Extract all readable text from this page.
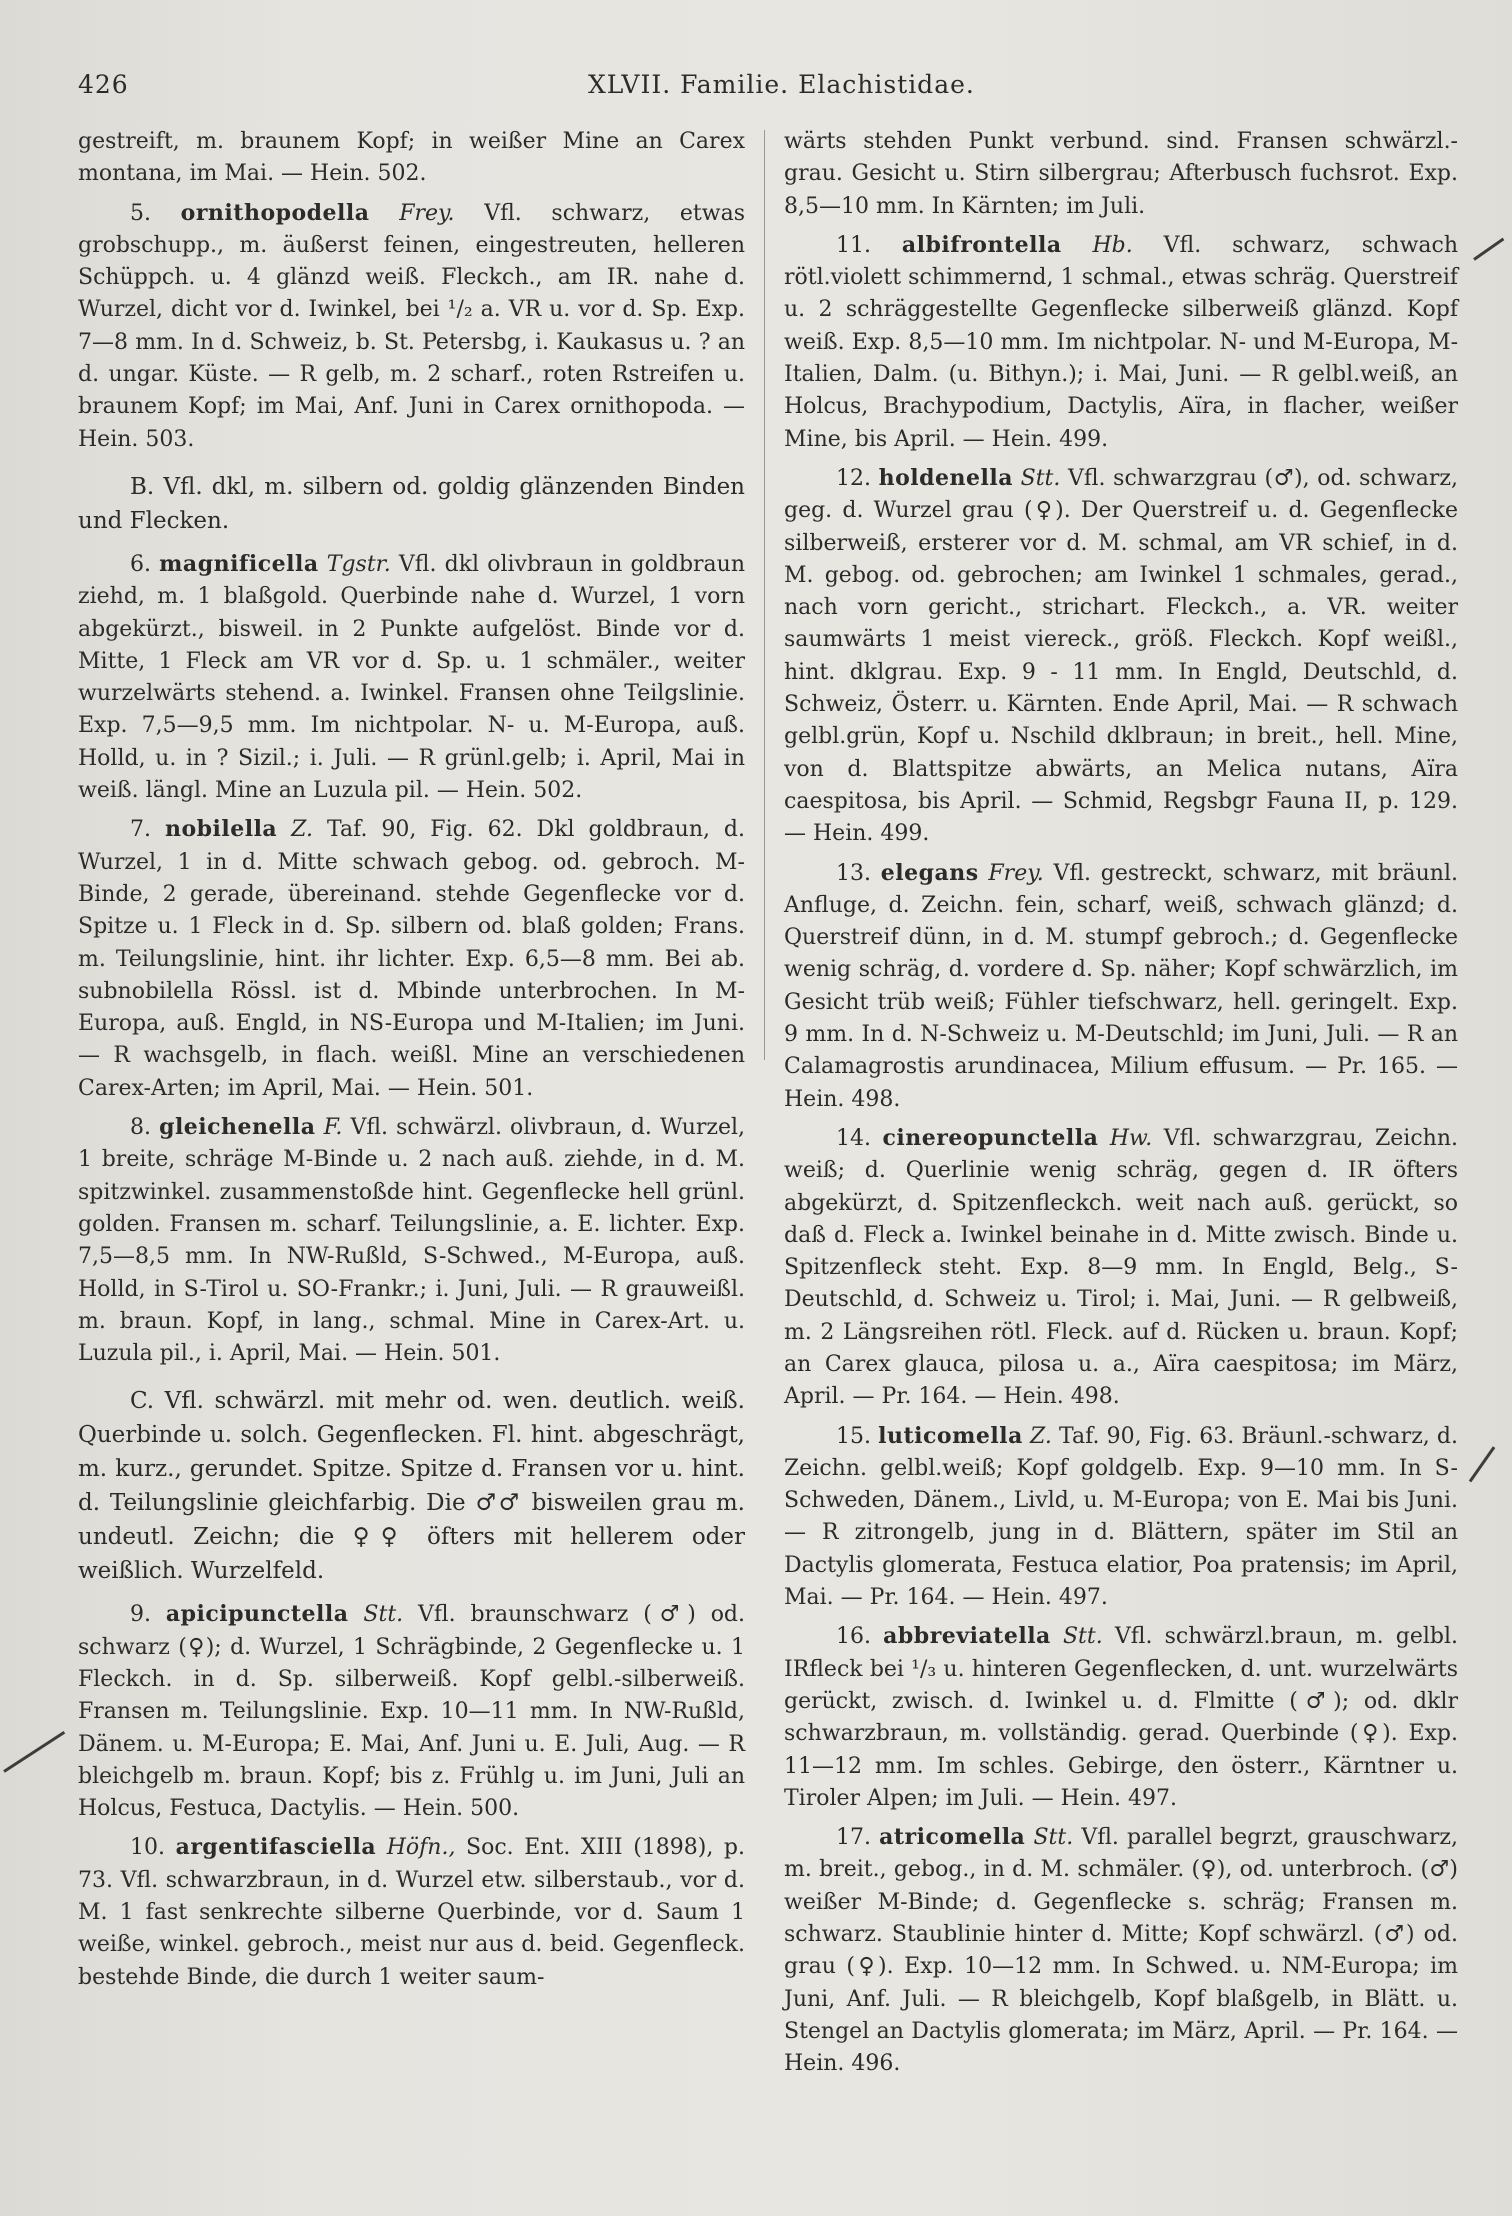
426	XLVII. Familie. Elachistidae.

gestreift, m. braunem Kopf; in weißer Mine an Carex montana, im Mai. — Hein. 502.

5. ornithopodella Frey. Vfl. schwarz, etwas grobschupp., m. äußerst feinen, eingestreuten, helleren Schüppch. u. 4 glänzd weiß. Fleckch., am IR. nahe d. Wurzel, dicht vor d. Iwinkel, bei ¹/₂ a. VR u. vor d. Sp. Exp. 7—8 mm. In d. Schweiz, b. St. Petersbg, i. Kaukasus u. ? an d. ungar. Küste. — R gelb, m. 2 scharf., roten Rstreifen u. braunem Kopf; im Mai, Anf. Juni in Carex ornithopoda. — Hein. 503.

B. Vfl. dkl, m. silbern od. goldig glänzenden Binden und Flecken.

6. magnificella Tgstr. Vfl. dkl olivbraun in goldbraun ziehd, m. 1 blaßgold. Querbinde nahe d. Wurzel, 1 vorn abgekürzt., bisweil. in 2 Punkte aufgelöst. Binde vor d. Mitte, 1 Fleck am VR vor d. Sp. u. 1 schmäler., weiter wurzelwärts stehend. a. Iwinkel. Fransen ohne Teilgslinie. Exp. 7,5—9,5 mm. Im nichtpolar. N- u. M-Europa, auß. Holld, u. in ? Sizil.; i. Juli. — R grünl.gelb; i. April, Mai in weiß. längl. Mine an Luzula pil. — Hein. 502.

7. nobilella Z. Taf. 90, Fig. 62. Dkl goldbraun, d. Wurzel, 1 in d. Mitte schwach gebog. od. gebroch. M-Binde, 2 gerade, übereinand. stehde Gegenflecke vor d. Spitze u. 1 Fleck in d. Sp. silbern od. blaß golden; Frans. m. Teilungslinie, hint. ihr lichter. Exp. 6,5—8 mm. Bei ab. subnobilella Rössl. ist d. Mbinde unterbrochen. In M-Europa, auß. Engld, in NS-Europa und M-Italien; im Juni. — R wachsgelb, in flach. weißl. Mine an verschiedenen Carex-Arten; im April, Mai. — Hein. 501.

8. gleichenella F. Vfl. schwärzl. olivbraun, d. Wurzel, 1 breite, schräge M-Binde u. 2 nach auß. ziehde, in d. M. spitzwinkel. zusammenstoßde hint. Gegenflecke hell grünl. golden. Fransen m. scharf. Teilungslinie, a. E. lichter. Exp. 7,5—8,5 mm. In NW-Rußld, S-Schwed., M-Europa, auß. Holld, in S-Tirol u. SO-Frankr.; i. Juni, Juli. — R grauweißl. m. braun. Kopf, in lang., schmal. Mine in Carex-Art. u. Luzula pil., i. April, Mai. — Hein. 501.

C. Vfl. schwärzl. mit mehr od. wen. deutlich. weiß. Querbinde u. solch. Gegenflecken. Fl. hint. abgeschrägt, m. kurz., gerundet. Spitze. Spitze d. Fransen vor u. hint. d. Teilungslinie gleichfarbig. Die ♂♂ bisweilen grau m. undeutl. Zeichn; die ♀♀ öfters mit hellerem oder weißlich. Wurzelfeld.

9. apicipunctella Stt. Vfl. braunschwarz (♂) od. schwarz (♀); d. Wurzel, 1 Schrägbinde, 2 Gegenflecke u. 1 Fleckch. in d. Sp. silberweiß. Kopf gelbl.-silberweiß. Fransen m. Teilungslinie. Exp. 10—11 mm. In NW-Rußld, Dänem. u. M-Europa; E. Mai, Anf. Juni u. E. Juli, Aug. — R bleichgelb m. braun. Kopf; bis z. Frühlg u. im Juni, Juli an Holcus, Festuca, Dactylis. — Hein. 500.

10. argentifasciella Höfn., Soc. Ent. XIII (1898), p. 73. Vfl. schwarzbraun, in d. Wurzel etw. silberstaub., vor d. M. 1 fast senkrechte silberne Querbinde, vor d. Saum 1 weiße, winkel. gebroch., meist nur aus d. beid. Gegenfleck. bestehde Binde, die durch 1 weiter saum-

wärts stehden Punkt verbund. sind. Fransen schwärzl.-grau. Gesicht u. Stirn silbergrau; Afterbusch fuchsrot. Exp. 8,5—10 mm. In Kärnten; im Juli.

11. albifrontella Hb. Vfl. schwarz, schwach rötl.violett schimmernd, 1 schmal., etwas schräg. Querstreif u. 2 schräggestellte Gegenflecke silberweiß glänzd. Kopf weiß. Exp. 8,5—10 mm. Im nichtpolar. N- und M-Europa, M-Italien, Dalm. (u. Bithyn.); i. Mai, Juni. — R gelbl.weiß, an Holcus, Brachypodium, Dactylis, Aïra, in flacher, weißer Mine, bis April. — Hein. 499.

12. holdenella Stt. Vfl. schwarzgrau (♂), od. schwarz, geg. d. Wurzel grau (♀). Der Querstreif u. d. Gegenflecke silberweiß, ersterer vor d. M. schmal, am VR schief, in d. M. gebog. od. gebrochen; am Iwinkel 1 schmales, gerad., nach vorn gericht., strichart. Fleckch., a. VR. weiter saumwärts 1 meist viereck., größ. Fleckch. Kopf weißl., hint. dklgrau. Exp. 9 - 11 mm. In Engld, Deutschld, d. Schweiz, Österr. u. Kärnten. Ende April, Mai. — R schwach gelbl.grün, Kopf u. Nschild dklbraun; in breit., hell. Mine, von d. Blattspitze abwärts, an Melica nutans, Aïra caespitosa, bis April. — Schmid, Regsbgr Fauna II, p. 129. — Hein. 499.

13. elegans Frey. Vfl. gestreckt, schwarz, mit bräunl. Anfluge, d. Zeichn. fein, scharf, weiß, schwach glänzd; d. Querstreif dünn, in d. M. stumpf gebroch.; d. Gegenflecke wenig schräg, d. vordere d. Sp. näher; Kopf schwärzlich, im Gesicht trüb weiß; Fühler tiefschwarz, hell. geringelt. Exp. 9 mm. In d. N-Schweiz u. M-Deutschld; im Juni, Juli. — R an Calamagrostis arundinacea, Milium effusum. — Pr. 165. — Hein. 498.

14. cinereopunctella Hw. Vfl. schwarzgrau, Zeichn. weiß; d. Querlinie wenig schräg, gegen d. IR öfters abgekürzt, d. Spitzenfleckch. weit nach auß. gerückt, so daß d. Fleck a. Iwinkel beinahe in d. Mitte zwisch. Binde u. Spitzenfleck steht. Exp. 8—9 mm. In Engld, Belg., S-Deutschld, d. Schweiz u. Tirol; i. Mai, Juni. — R gelbweiß, m. 2 Längsreihen rötl. Fleck. auf d. Rücken u. braun. Kopf; an Carex glauca, pilosa u. a., Aïra caespitosa; im März, April. — Pr. 164. — Hein. 498.

15. luticomella Z. Taf. 90, Fig. 63. Bräunl.-schwarz, d. Zeichn. gelbl.weiß; Kopf goldgelb. Exp. 9—10 mm. In S-Schweden, Dänem., Livld, u. M-Europa; von E. Mai bis Juni. — R zitrongelb, jung in d. Blättern, später im Stil an Dactylis glomerata, Festuca elatior, Poa pratensis; im April, Mai. — Pr. 164. — Hein. 497.

16. abbreviatella Stt. Vfl. schwärzl.braun, m. gelbl. IRfleck bei ¹/₃ u. hinteren Gegenflecken, d. unt. wurzelwärts gerückt, zwisch. d. Iwinkel u. d. Flmitte (♂); od. dklr schwarzbraun, m. vollständig. gerad. Querbinde (♀). Exp. 11—12 mm. Im schles. Gebirge, den österr., Kärntner u. Tiroler Alpen; im Juli. — Hein. 497.

17. atricomella Stt. Vfl. parallel begrzt, grauschwarz, m. breit., gebog., in d. M. schmäler. (♀), od. unterbroch. (♂) weißer M-Binde; d. Gegenflecke s. schräg; Fransen m. schwarz. Staublinie hinter d. Mitte; Kopf schwärzl. (♂) od. grau (♀). Exp. 10—12 mm. In Schwed. u. NM-Europa; im Juni, Anf. Juli. — R bleichgelb, Kopf blaßgelb, in Blätt. u. Stengel an Dactylis glomerata; im März, April. — Pr. 164. — Hein. 496.
